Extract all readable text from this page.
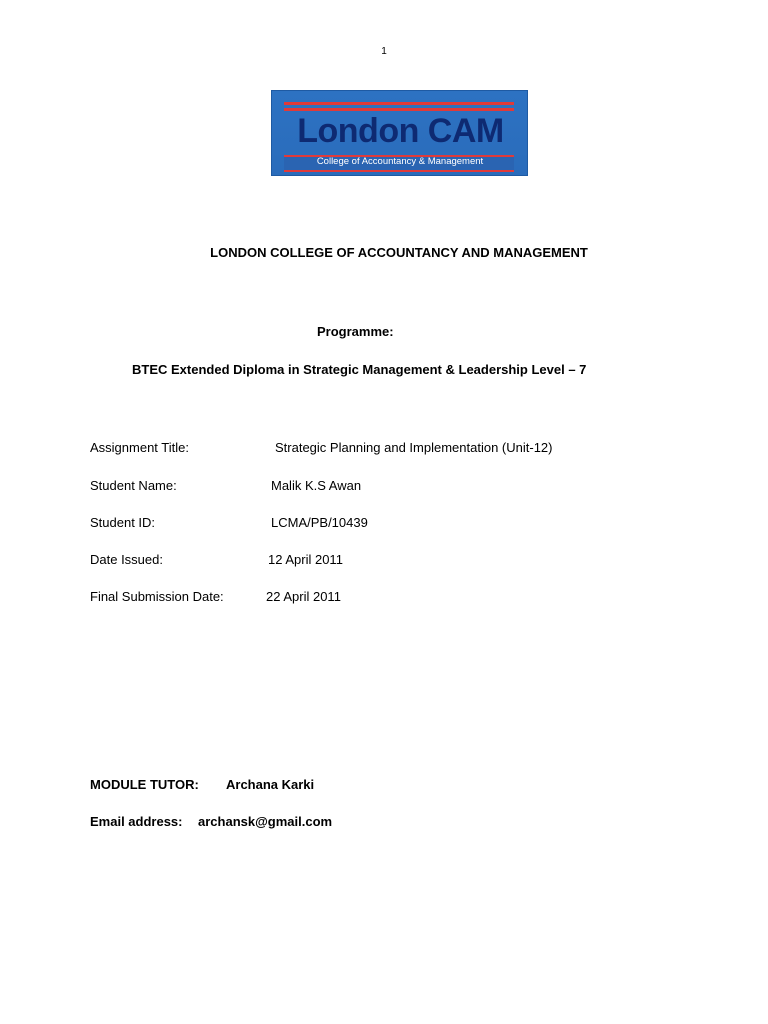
1
London CAM
College of Accountancy & Management
LONDON COLLEGE OF ACCOUNTANCY AND MANAGEMENT
Programme:
BTEC Extended Diploma in Strategic Management & Leadership Level – 7
Assignment Title:	Strategic Planning and Implementation (Unit-12)
Student Name:	Malik K.S Awan
Student ID:	LCMA/PB/10439
Date Issued:	12 April 2011
Final Submission Date:	22 April 2011
MODULE TUTOR: Archana Karki
Email address: archansk@gmail.com
